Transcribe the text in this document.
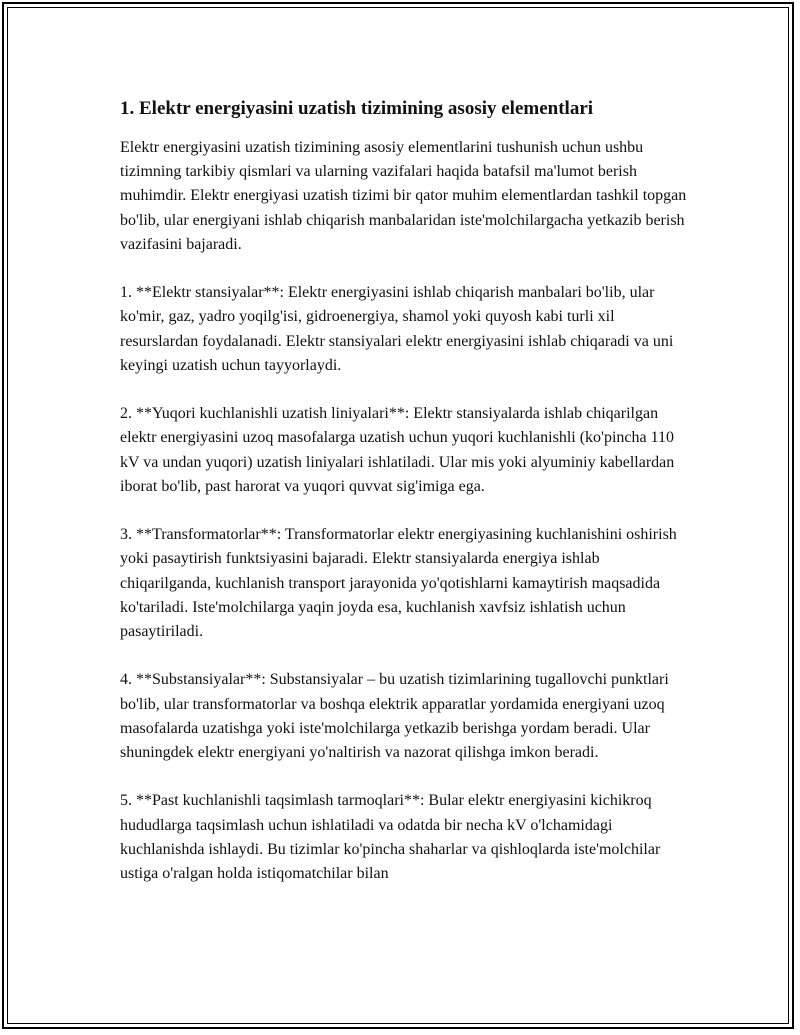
1. Elektr energiyasini uzatish tizimining asosiy elementlari

Elektr energiyasini uzatish tizimining asosiy elementlarini tushunish uchun ushbu tizimning tarkibiy qismlari va ularning vazifalari haqida batafsil ma'lumot berish muhimdir. Elektr energiyasi uzatish tizimi bir qator muhim elementlardan tashkil topgan bo'lib, ular energiyani ishlab chiqarish manbalaridan iste'molchilargacha yetkazib berish vazifasini bajaradi.

1. **Elektr stansiyalar**: Elektr energiyasini ishlab chiqarish manbalari bo'lib, ular ko'mir, gaz, yadro yoqilg'isi, gidroenergiya, shamol yoki quyosh kabi turli xil resurslardan foydalanadi. Elektr stansiyalari elektr energiyasini ishlab chiqaradi va uni keyingi uzatish uchun tayyorlaydi.

2. **Yuqori kuchlanishli uzatish liniyalari**: Elektr stansiyalarda ishlab chiqarilgan elektr energiyasini uzoq masofalarga uzatish uchun yuqori kuchlanishli (ko'pincha 110 kV va undan yuqori) uzatish liniyalari ishlatiladi. Ular mis yoki alyuminiy kabellardan iborat bo'lib, past harorat va yuqori quvvat sig'imiga ega.

3. **Transformatorlar**: Transformatorlar elektr energiyasining kuchlanishini oshirish yoki pasaytirish funktsiyasini bajaradi. Elektr stansiyalarda energiya ishlab chiqarilganda, kuchlanish transport jarayonida yo'qotishlarni kamaytirish maqsadida ko'tariladi. Iste'molchilarga yaqin joyda esa, kuchlanish xavfsiz ishlatish uchun pasaytiriladi.

4. **Substansiyalar**: Substansiyalar – bu uzatish tizimlarining tugallovchi punktlari bo'lib, ular transformatorlar va boshqa elektrik apparatlar yordamida energiyani uzoq masofalarda uzatishga yoki iste'molchilarga yetkazib berishga yordam beradi. Ular shuningdek elektr energiyani yo'naltirish va nazorat qilishga imkon beradi.

5. **Past kuchlanishli taqsimlash tarmoqlari**: Bular elektr energiyasini kichikroq hududlarga taqsimlash uchun ishlatiladi va odatda bir necha kV o'lchamidagi kuchlanishda ishlaydi. Bu tizimlar ko'pincha shaharlar va qishloqlarda iste'molchilar ustiga o'ralgan holda istiqomatchilar bilan
